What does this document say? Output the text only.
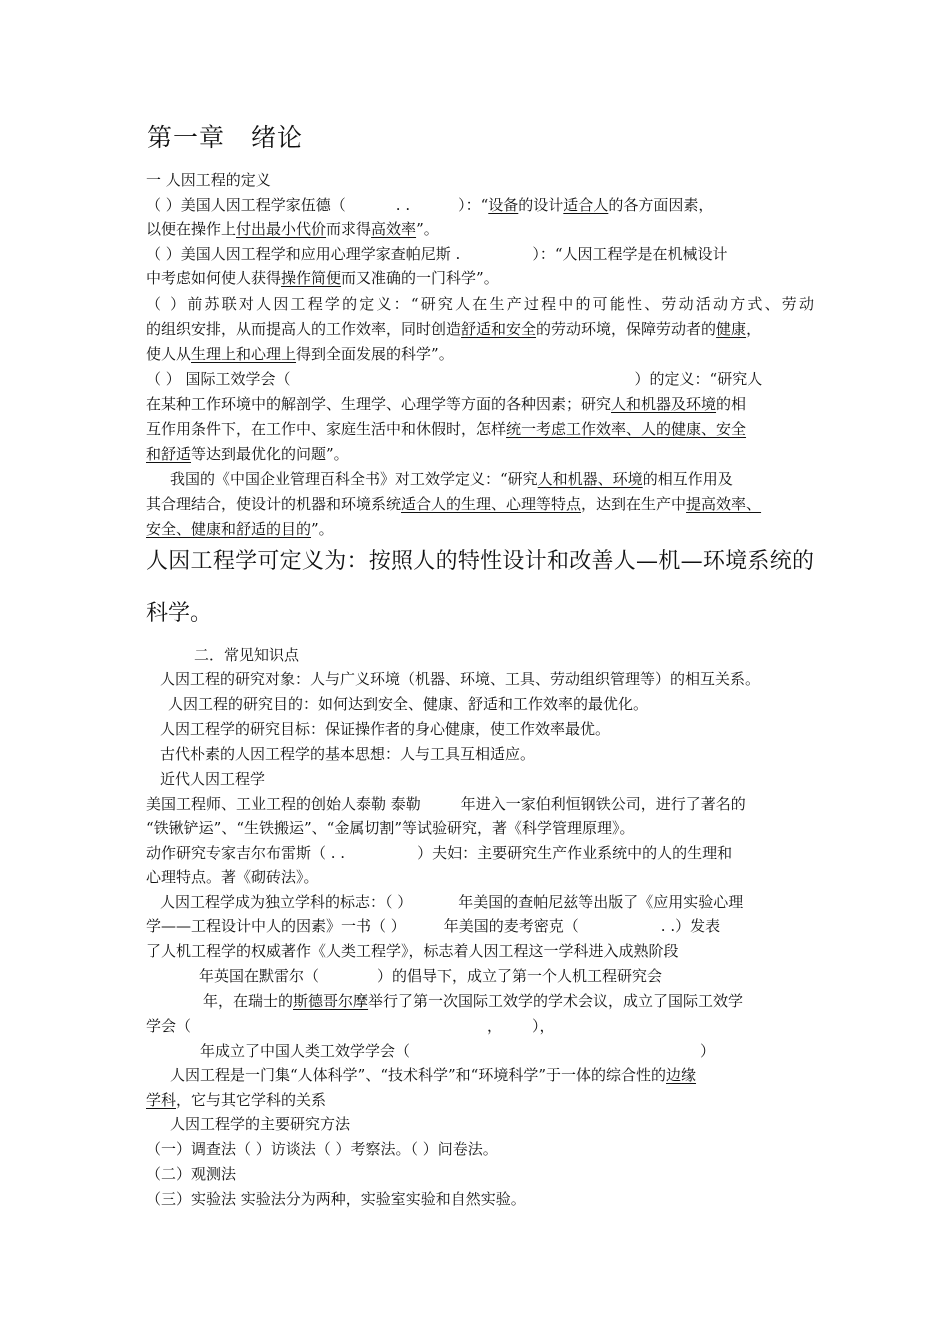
第一章 绪论
一 人因工程的定义
（ ）美国人因工程学家伍德（	. .	）：“设备的设计适合人的各方面因素，
以便在操作上付出最小代价而求得高效率”。
（ ）美国人因工程学和应用心理学家查帕尼斯 .	）：“人因工程学是在机械设计
中考虑如何使人获得操作简便而又准确的一门科学”。
（ ）前苏联对人因工程学的定义：“研究人在生产过程中的可能性、劳动活动方式、劳动
的组织安排，从而提高人的工作效率，同时创造舒适和安全的劳动环境，保障劳动者的健康，
使人从生理上和心理上得到全面发展的科学”。
（ ） 国际工效学会（	）的定义：“研究人
在某种工作环境中的解剖学、生理学、心理学等方面的各种因素；研究人和机器及环境的相
互作用条件下，在工作中、家庭生活中和休假时，怎样统一考虑工作效率、人的健康、安全
和舒适等达到最优化的问题”。
我国的《中国企业管理百科全书》对工效学定义：“研究人和机器、环境的相互作用及
其合理结合，使设计的机器和环境系统适合人的生理、心理等特点，达到在生产中提高效率、
安全、健康和舒适的目的”。
人因工程学可定义为：按照人的特性设计和改善人—机—环境系统的
科学。
二．常见知识点
人因工程的研究对象：人与广义环境（机器、环境、工具、劳动组织管理等）的相互关系。
人因工程的研究目的：如何达到安全、健康、舒适和工作效率的最优化。
人因工程学的研究目标：保证操作者的身心健康，使工作效率最优。
古代朴素的人因工程学的基本思想：人与工具互相适应。
近代人因工程学
美国工程师、工业工程的创始人泰勒 泰勒	年进入一家伯利恒钢铁公司，进行了著名的
“铁锹铲运”、“生铁搬运”、“金属切割”等试验研究，著《科学管理原理》。
动作研究专家吉尔布雷斯（ . .	）夫妇：主要研究生产作业系统中的人的生理和
心理特点。著《砌砖法》。
人因工程学成为独立学科的标志：（ ）	年美国的查帕尼兹等出版了《应用实验心理
学——工程设计中人的因素》一书（ ）	年美国的麦考密克（	. .）发表
了人机工程学的权威著作《人类工程学》，标志着人因工程这一学科进入成熟阶段
年英国在默雷尔（	）的倡导下，成立了第一个人机工程研究会
年，在瑞士的斯德哥尔摩举行了第一次国际工效学的学术会议，成立了国际工效学
学会（	， ），
年成立了中国人类工效学学会（	）
人因工程是一门集“人体科学”、“技术科学”和“环境科学”于一体的综合性的边缘
学科，它与其它学科的关系
人因工程学的主要研究方法
（一）调查法（ ）访谈法（ ）考察法。（ ）问卷法。
（二）观测法
（三）实验法 实验法分为两种，实验室实验和自然实验。
